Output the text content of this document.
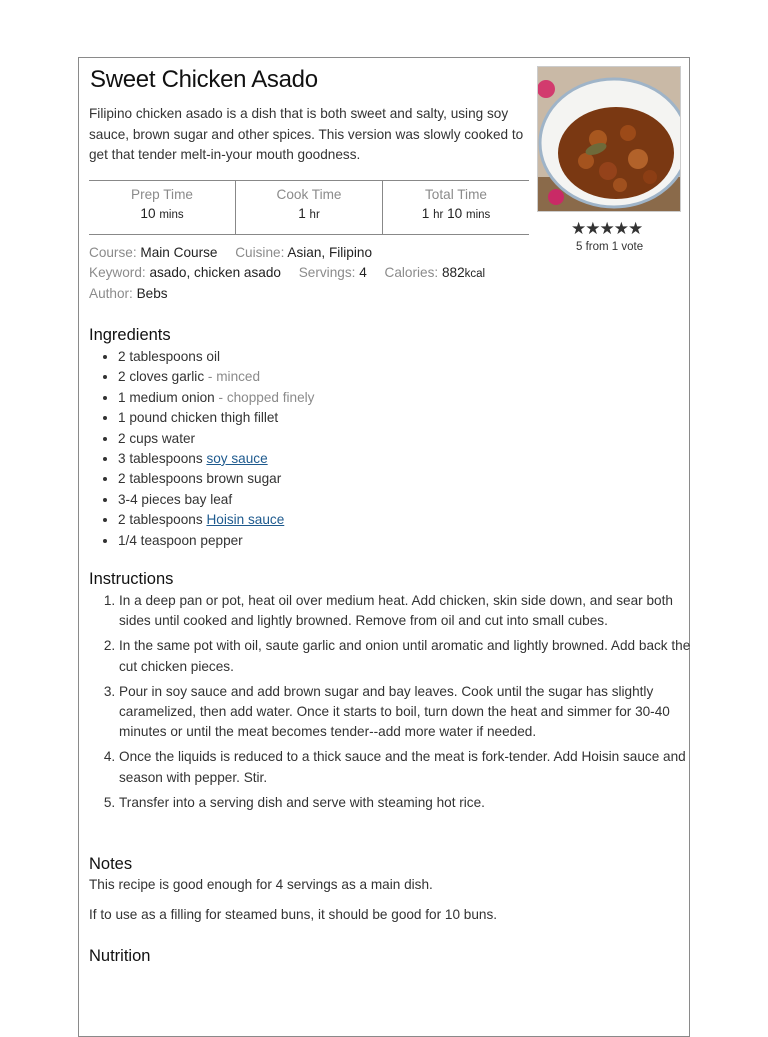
Sweet Chicken Asado

Filipino chicken asado is a dish that is both sweet and salty, using soy sauce, brown sugar and other spices. This version was slowly cooked to get that tender melt-in-your mouth goodness.

Prep Time
10 mins
Cook Time
1 hr
Total Time
1 hr 10 mins
★★★★★
5 from 1 vote
Course: Main Course Cuisine: Asian, Filipino
Keyword: asado, chicken asado Servings: 4 Calories: 882kcal
Author: Bebs
Ingredients
• 2 tablespoons oil
• 2 cloves garlic - minced
• 1 medium onion - chopped finely
• 1 pound chicken thigh fillet
• 2 cups water
• 3 tablespoons soy sauce
• 2 tablespoons brown sugar
• 3-4 pieces bay leaf
• 2 tablespoons Hoisin sauce
• 1/4 teaspoon pepper
Instructions
1. In a deep pan or pot, heat oil over medium heat. Add chicken, skin side down, and sear both sides until cooked and lightly browned. Remove from oil and cut into small cubes.
2. In the same pot with oil, saute garlic and onion until aromatic and lightly browned. Add back the cut chicken pieces.
3. Pour in soy sauce and add brown sugar and bay leaves. Cook until the sugar has slightly caramelized, then add water. Once it starts to boil, turn down the heat and simmer for 30-40 minutes or until the meat becomes tender--add more water if needed.
4. Once the liquids is reduced to a thick sauce and the meat is fork-tender. Add Hoisin sauce and season with pepper. Stir.
5. Transfer into a serving dish and serve with steaming hot rice.
Notes

This recipe is good enough for 4 servings as a main dish.

If to use as a filling for steamed buns, it should be good for 10 buns.

Nutrition
